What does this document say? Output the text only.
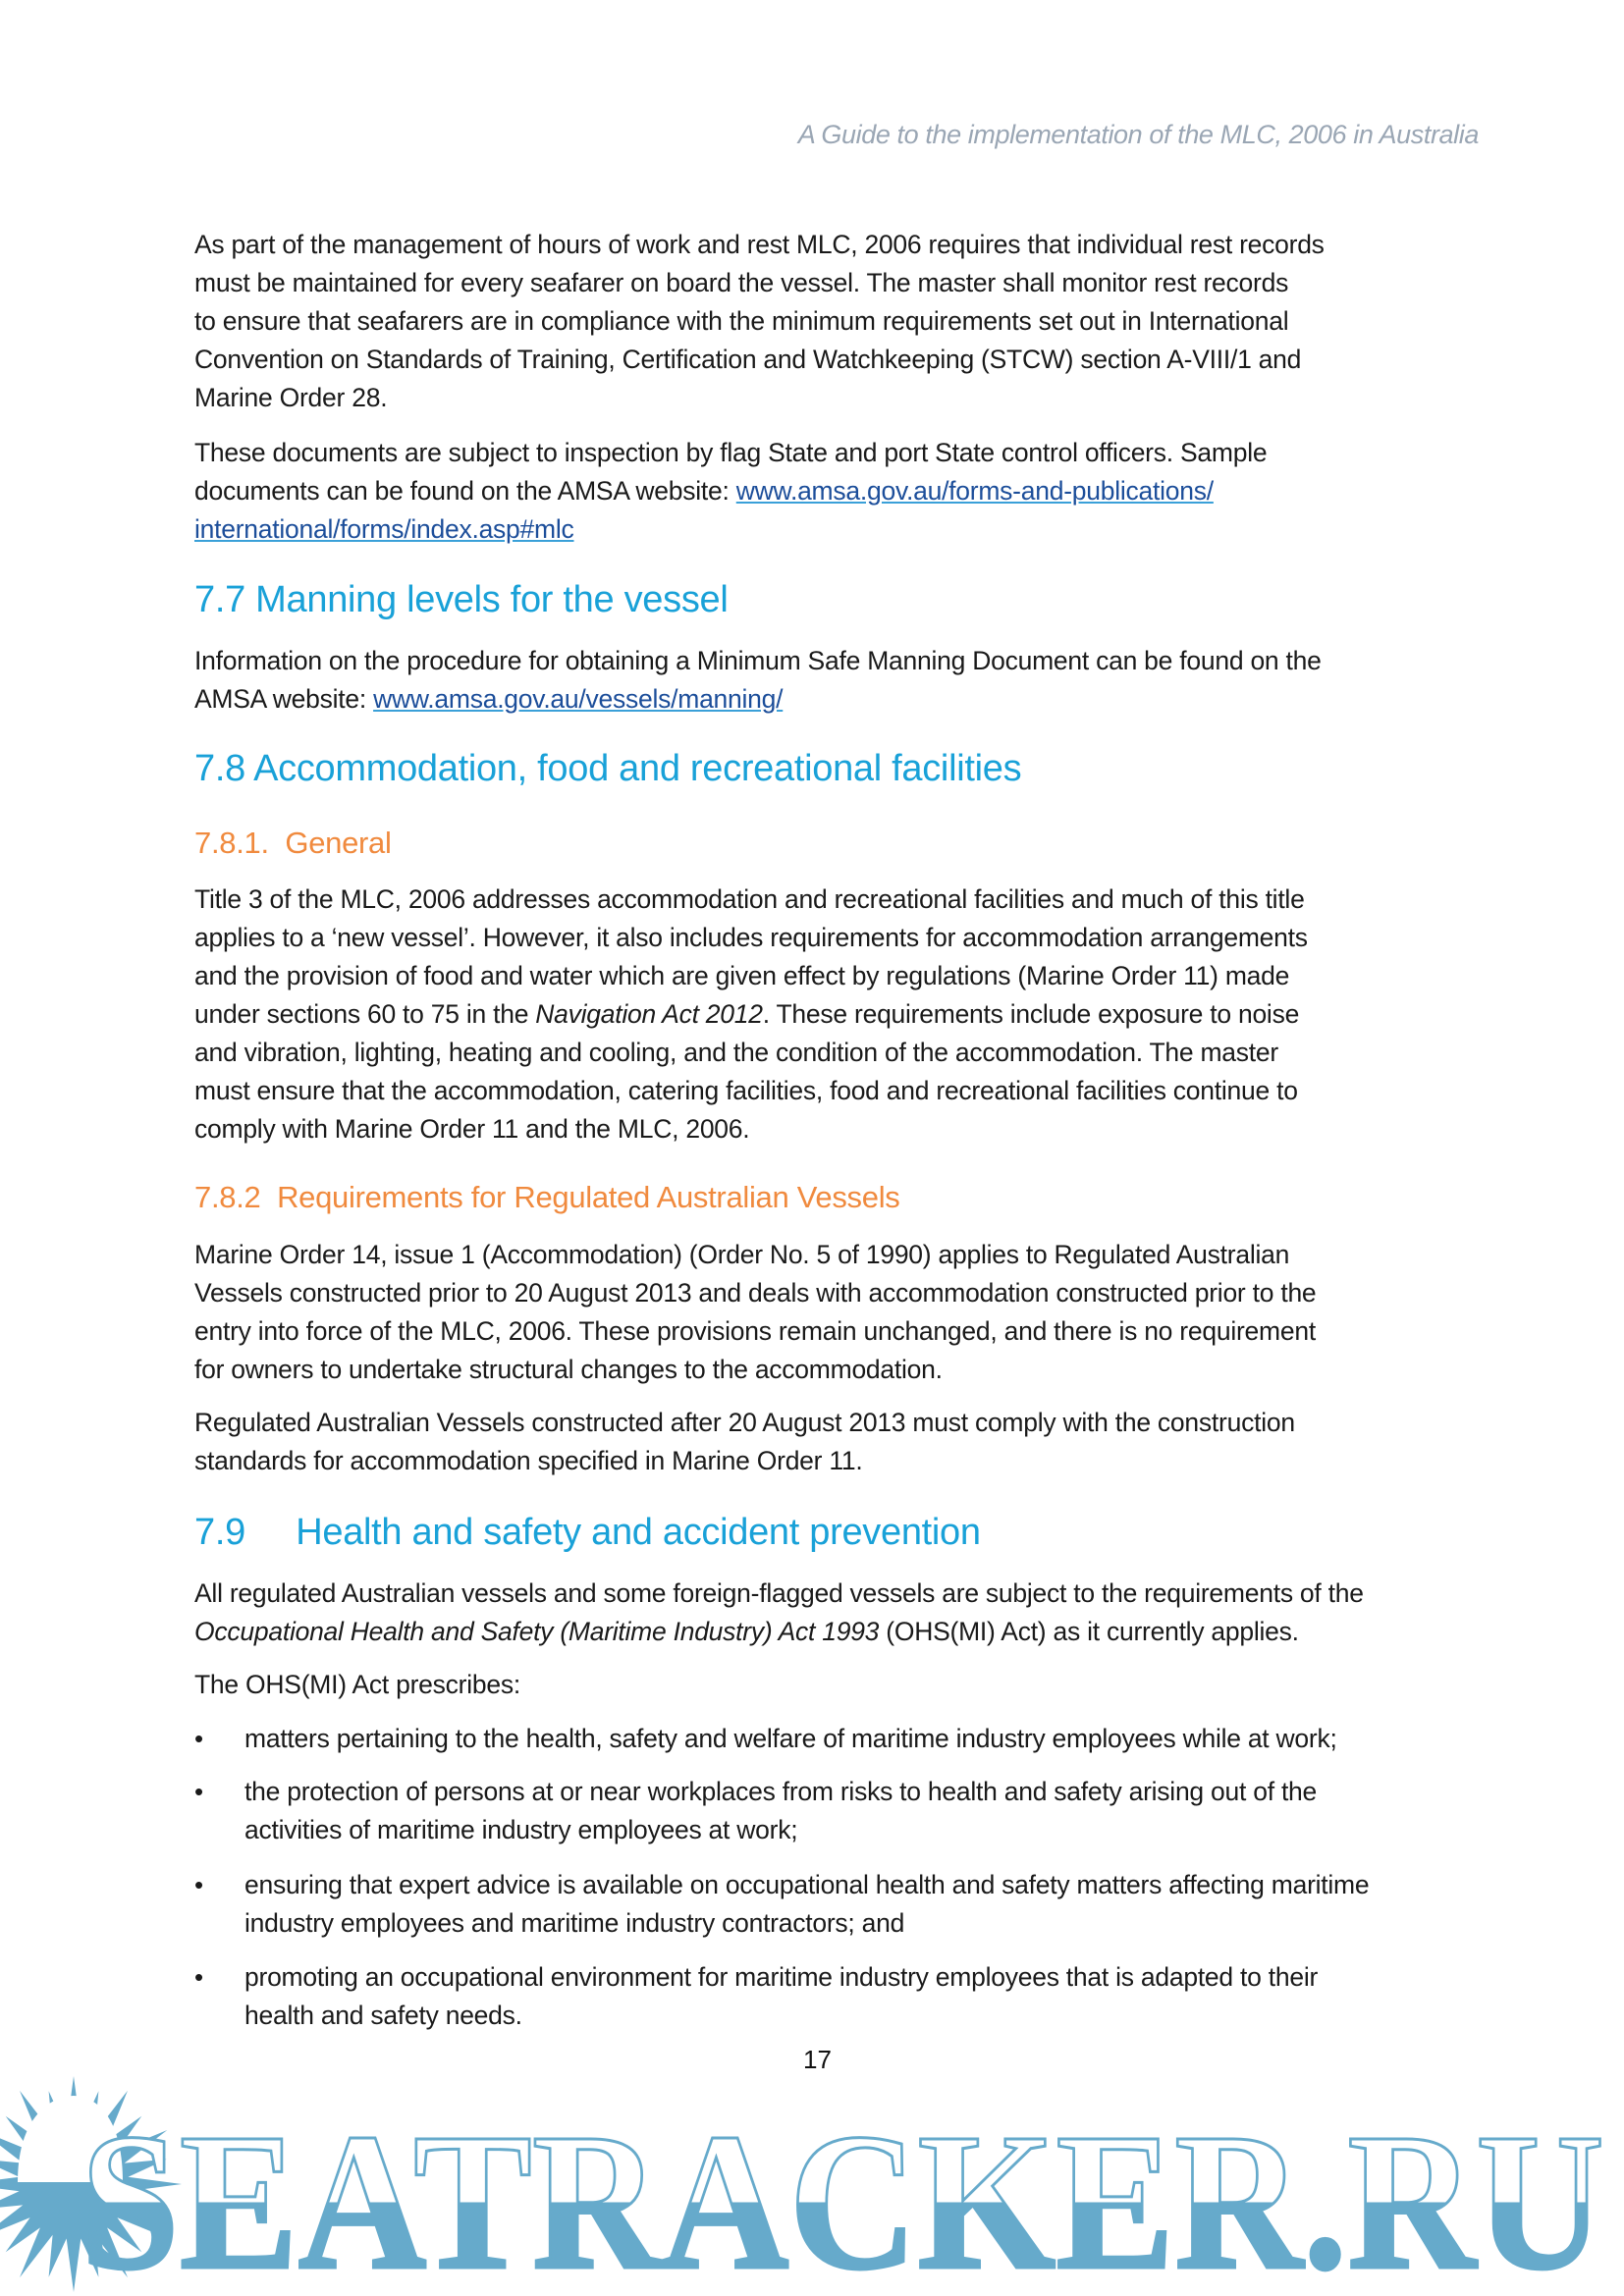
A Guide to the implementation of the MLC, 2006 in Australia
As part of the management of hours of work and rest MLC, 2006 requires that individual rest records
must be maintained for every seafarer on board the vessel. The master shall monitor rest records
to ensure that seafarers are in compliance with the minimum requirements set out in International
Convention on Standards of Training, Certification and Watchkeeping (STCW) section A-VIII/1 and
Marine Order 28.
These documents are subject to inspection by flag State and port State control officers. Sample
documents can be found on the AMSA website: www.amsa.gov.au/forms-and-publications/
international/forms/index.asp#mlc
7.7 Manning levels for the vessel
Information on the procedure for obtaining a Minimum Safe Manning Document can be found on the
AMSA website: www.amsa.gov.au/vessels/manning/
7.8 Accommodation, food and recreational facilities
7.8.1.  General
Title 3 of the MLC, 2006 addresses accommodation and recreational facilities and much of this title
applies to a ‘new vessel’. However, it also includes requirements for accommodation arrangements
and the provision of food and water which are given effect by regulations (Marine Order 11) made
under sections 60 to 75 in the Navigation Act 2012. These requirements include exposure to noise
and vibration, lighting, heating and cooling, and the condition of the accommodation. The master
must ensure that the accommodation, catering facilities, food and recreational facilities continue to
comply with Marine Order 11 and the MLC, 2006.
7.8.2  Requirements for Regulated Australian Vessels
Marine Order 14, issue 1 (Accommodation) (Order No. 5 of 1990) applies to Regulated Australian
Vessels constructed prior to 20 August 2013 and deals with accommodation constructed prior to the
entry into force of the MLC, 2006. These provisions remain unchanged, and there is no requirement
for owners to undertake structural changes to the accommodation.
Regulated Australian Vessels constructed after 20 August 2013 must comply with the construction
standards for accommodation specified in Marine Order 11.
7.9     Health and safety and accident prevention
All regulated Australian vessels and some foreign-flagged vessels are subject to the requirements of the
Occupational Health and Safety (Maritime Industry) Act 1993 (OHS(MI) Act) as it currently applies.
The OHS(MI) Act prescribes:
• matters pertaining to the health, safety and welfare of maritime industry employees while at work;
• the protection of persons at or near workplaces from risks to health and safety arising out of the
activities of maritime industry employees at work;
• ensuring that expert advice is available on occupational health and safety matters affecting maritime
industry employees and maritime industry contractors; and
• promoting an occupational environment for maritime industry employees that is adapted to their
health and safety needs.
17
SEATRACKER.RU
